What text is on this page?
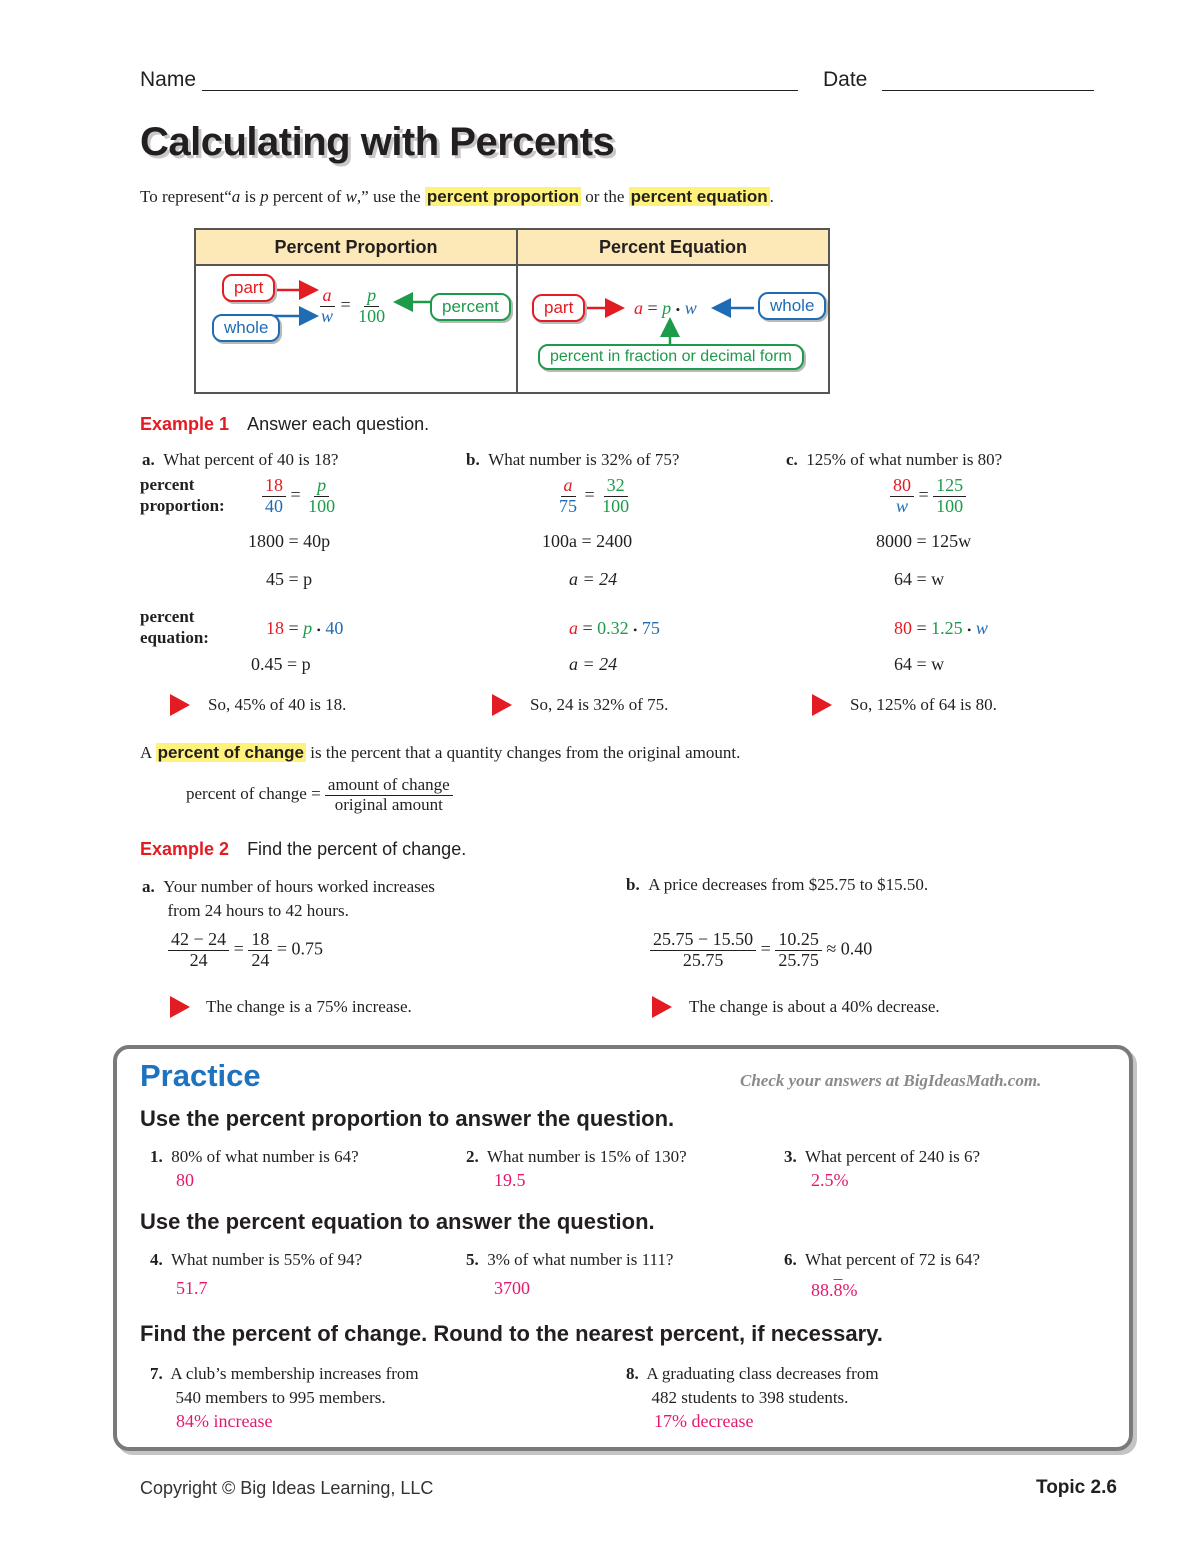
Name	Date
Calculating with Percents
To represent“a is p percent of w,” use the percent proportion or the percent equation .
Percent Proportion	Percent Equation
part
whole
percent
$\frac{a}{w} = \frac{p}{100}$	part	whole
percent in fraction or decimal form
a = p • w
Example 1 Answer each question.
percent
proportion:
percent
equation:
a. What percent of 40 is 18?
$\frac{18}{40} = \frac{p}{100}$
1800 = 40p
45 = p
18 = p • 40
0.45 = p
So, 45% of 40 is 18.
b. What number is 32% of 75?
$\frac{a}{75} = \frac{32}{100}$
100a = 2400
a = 24
a = 0.32 • 75
a = 24
So, 24 is 32% of 75.
c. 125% of what number is 80?
$\frac{80}{w} = \frac{125}{100}$
8000 = 125w
64 = w
80 = 1.25 • w
64 = w
So, 125% of 64 is 80.
A percent of change is the percent that a quantity changes from the original amount.
percent of change = $\frac{\text{amount of change}}{\text{original amount}}$
Example 2 Find the percent of change.
a. Your number of hours worked increases
from 24 hours to 42 hours.
$\frac{42 - 24}{24} = \frac{18}{24} = 0.75$
The change is a 75% increase.
b. A price decreases from $25.75 to $15.50.
$\frac{25.75 - 15.50}{25.75} = \frac{10.25}{25.75} \approx 0.40$
The change is about a 40% decrease.
Practice	Check your answers at BigIdeasMath.com.
Use the percent proportion to answer the question.
1. 80% of what number is 64?
80
2. What number is 15% of 130?
19.5
3. What percent of 240 is 6?
2.5%
Use the percent equation to answer the question.
4. What number is 55% of 94?
51.7
5. 3% of what number is 111?
3700
6. What percent of 72 is 64?
88.8%
Find the percent of change. Round to the nearest percent, if necessary.
7. A club’s membership increases from
540 members to 995 members.
84% increase
8. A graduating class decreases from
482 students to 398 students.
17% decrease
Copyright © Big Ideas Learning, LLC	Topic 2.6
